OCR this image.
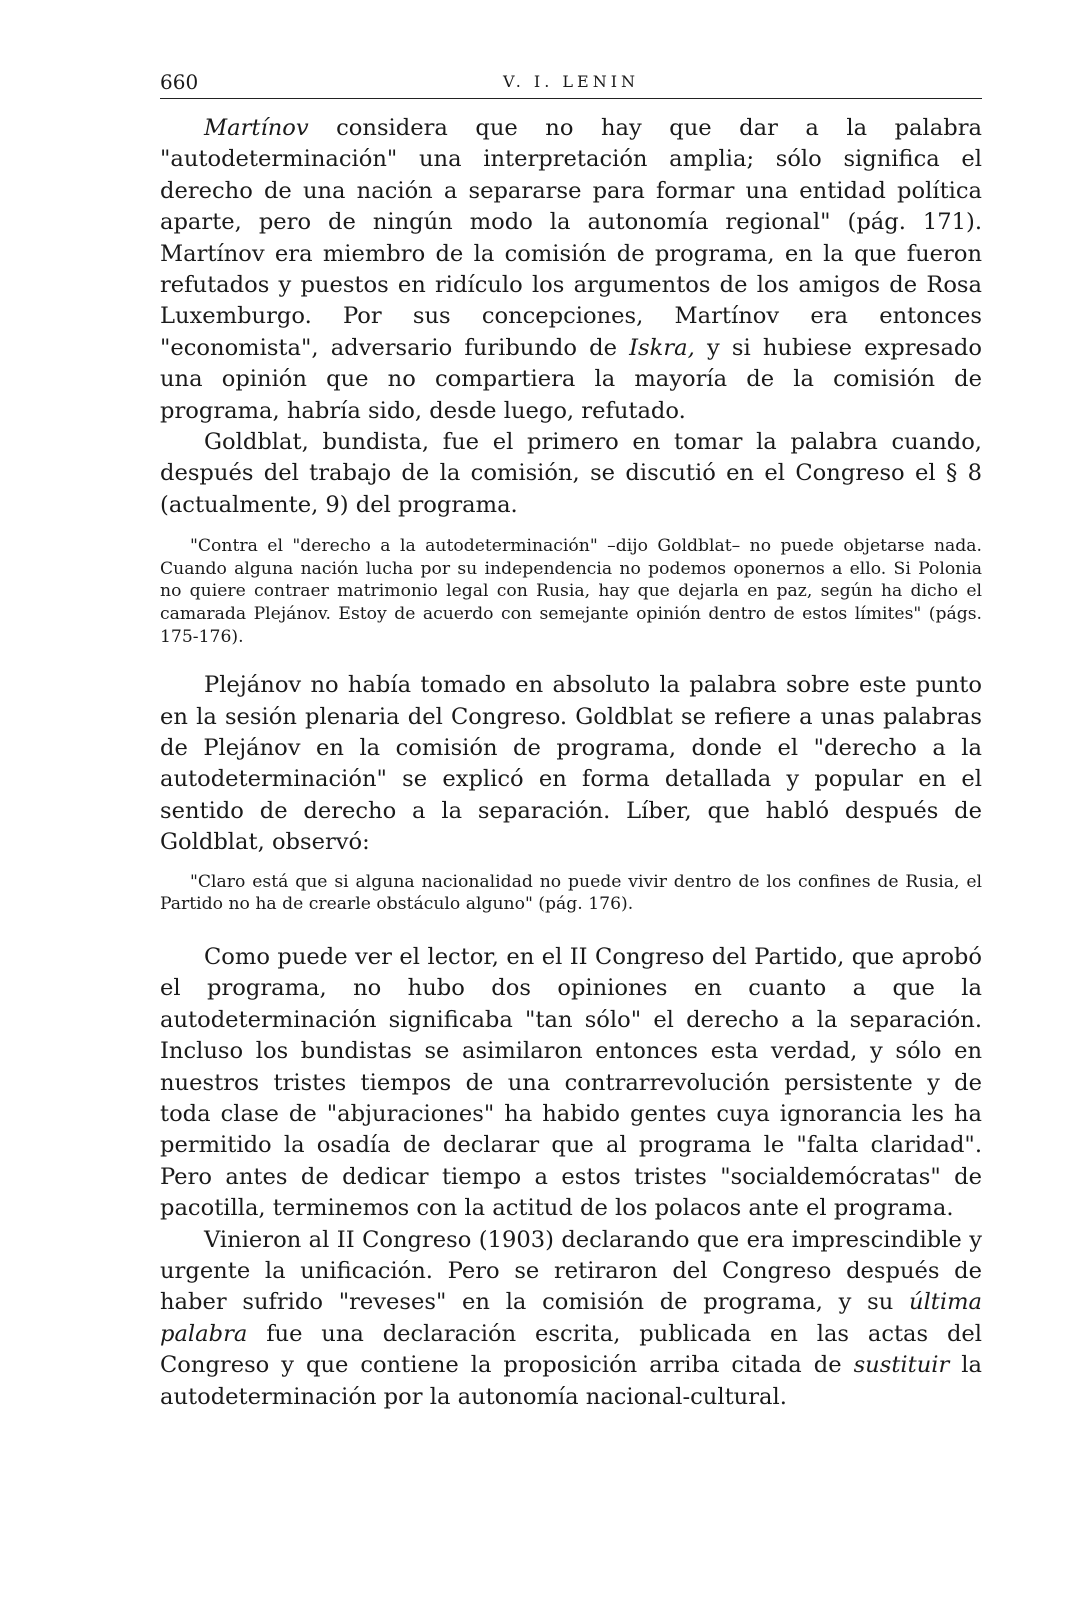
660	V. I. LENIN

Martínov considera que no hay que dar a la palabra "autodeterminación" una interpretación amplia; sólo significa el derecho de una nación a separarse para formar una entidad política aparte, pero de ningún modo la autonomía regional" (pág. 171). Martínov era miembro de la comisión de programa, en la que fueron refutados y puestos en ridículo los argumentos de los amigos de Rosa Luxemburgo. Por sus concepciones, Martínov era entonces "economista", adversario furibundo de Iskra, y si hubiese expresado una opinión que no compartiera la mayoría de la comisión de programa, habría sido, desde luego, refutado.

Goldblat, bundista, fue el primero en tomar la palabra cuando, después del trabajo de la comisión, se discutió en el Congreso el § 8 (actualmente, 9) del programa.

"Contra el "derecho a la autodeterminación" –dijo Goldblat– no puede objetarse nada. Cuando alguna nación lucha por su independencia no podemos oponernos a ello. Si Polonia no quiere contraer matrimonio legal con Rusia, hay que dejarla en paz, según ha dicho el camarada Plejánov. Estoy de acuerdo con semejante opinión dentro de estos límites" (págs. 175-176).

Plejánov no había tomado en absoluto la palabra sobre este punto en la sesión plenaria del Congreso. Goldblat se refiere a unas palabras de Plejánov en la comisión de programa, donde el "derecho a la autodeterminación" se explicó en forma detallada y popular en el sentido de derecho a la separación. Líber, que habló después de Goldblat, observó:

"Claro está que si alguna nacionalidad no puede vivir dentro de los confines de Rusia, el Partido no ha de crearle obstáculo alguno" (pág. 176).

Como puede ver el lector, en el II Congreso del Partido, que aprobó el programa, no hubo dos opiniones en cuanto a que la autodeterminación significaba "tan sólo" el derecho a la separación. Incluso los bundistas se asimilaron entonces esta verdad, y sólo en nuestros tristes tiempos de una contrarrevolución persistente y de toda clase de "abjuraciones" ha habido gentes cuya ignorancia les ha permitido la osadía de declarar que al programa le "falta claridad". Pero antes de dedicar tiempo a estos tristes "socialdemócratas" de pacotilla, terminemos con la actitud de los polacos ante el programa.

Vinieron al II Congreso (1903) declarando que era imprescindible y urgente la unificación. Pero se retiraron del Congreso después de haber sufrido "reveses" en la comisión de programa, y su última palabra fue una declaración escrita, publicada en las actas del Congreso y que contiene la proposición arriba citada de sustituir la autodeterminación por la autonomía nacional-cultural.
